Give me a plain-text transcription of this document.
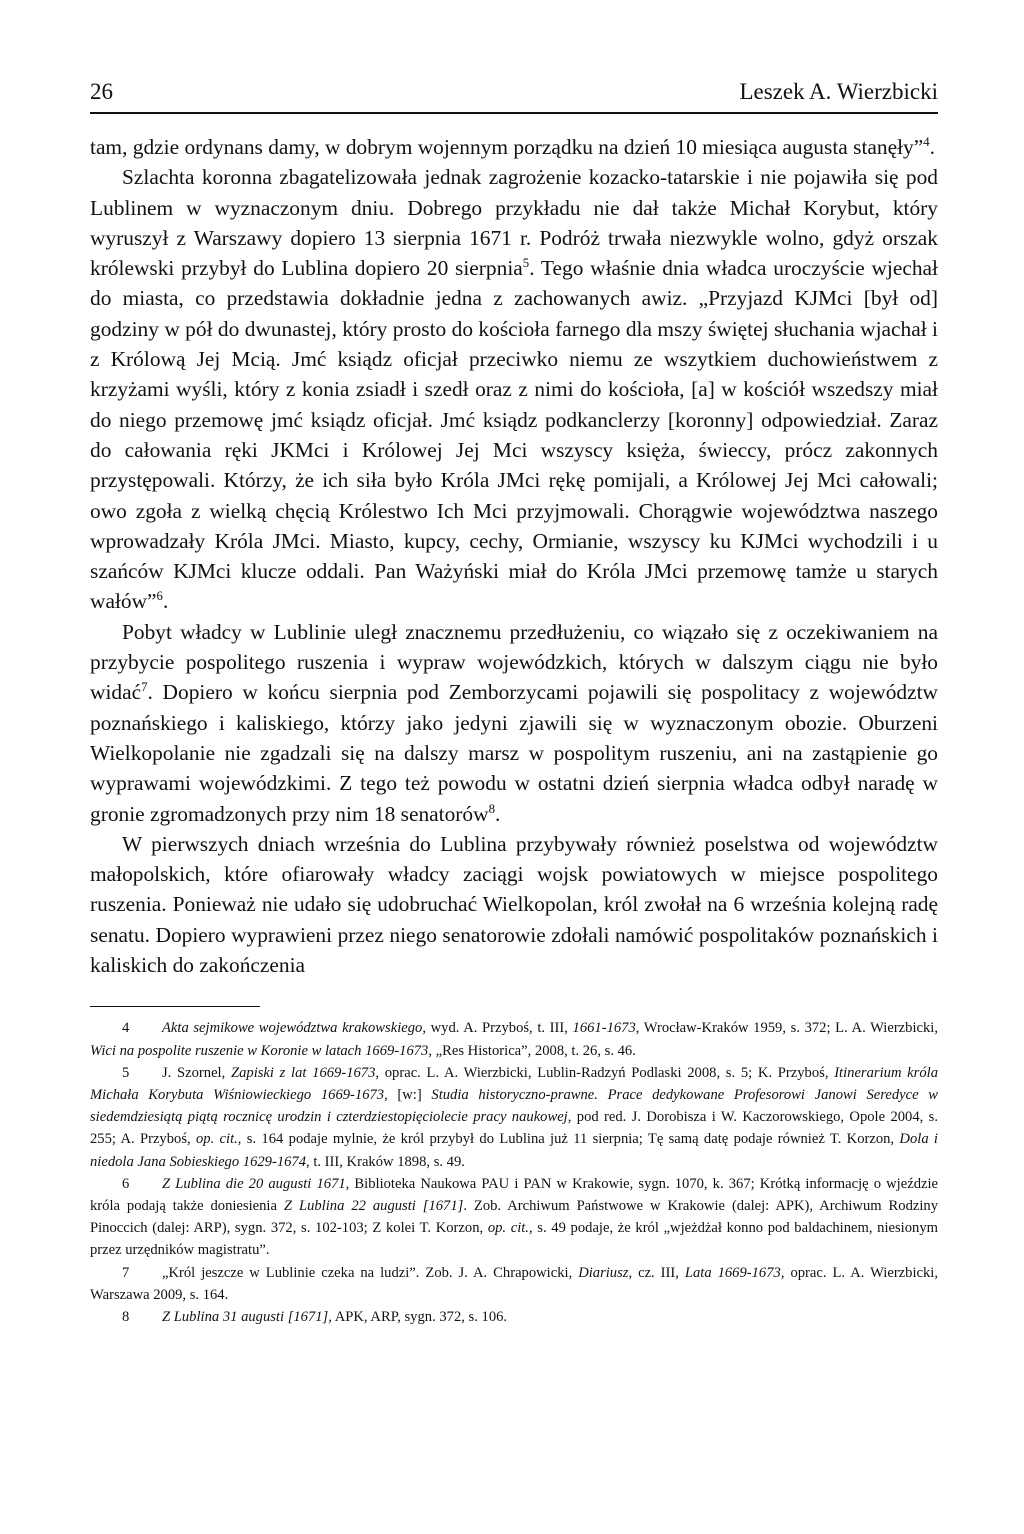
26	Leszek A. Wierzbicki

tam, gdzie ordynans damy, w dobrym wojennym porządku na dzień 10 miesiąca augusta stanęły”$^4$.

Szlachta koronna zbagatelizowała jednak zagrożenie kozacko-tatarskie i nie pojawiła się pod Lublinem w wyznaczonym dniu. Dobrego przykładu nie dał także Michał Korybut, który wyruszył z Warszawy dopiero 13 sierpnia 1671 r. Podróż trwała niezwykle wolno, gdyż orszak królewski przybył do Lublina dopiero 20 sierpnia$^5$. Tego właśnie dnia władca uroczyście wjechał do miasta, co przedstawia dokładnie jedna z zachowanych awiz. „Przyjazd KJMci [był od] godziny w pół do dwunastej, który prosto do kościoła farnego dla mszy świętej słuchania wjachał i z Królową Jej Mcią. Jmć ksiądz oficjał przeciwko niemu ze wszytkiem duchowieństwem z krzyżami wyśli, który z konia zsiadł i szedł oraz z nimi do kościoła, [a] w kościół wszedszy miał do niego przemowę jmć ksiądz oficjał. Jmć ksiądz podkanclerzy [koronny] odpowiedział. Zaraz do całowania ręki JKMci i Królowej Jej Mci wszyscy księża, świeccy, prócz zakonnych przystępowali. Którzy, że ich siła było Króla JMci rękę pomijali, a Królowej Jej Mci całowali; owo zgoła z wielką chęcią Królestwo Ich Mci przyjmowali. Chorągwie województwa naszego wprowadzały Króla JMci. Miasto, kupcy, cechy, Ormianie, wszyscy ku KJMci wychodzili i u szańców KJMci klucze oddali. Pan Ważyński miał do Króla JMci przemowę tamże u starych wałów”$^6$.

Pobyt władcy w Lublinie uległ znacznemu przedłużeniu, co wiązało się z oczekiwaniem na przybycie pospolitego ruszenia i wypraw wojewódzkich, których w dalszym ciągu nie było widać$^7$. Dopiero w końcu sierpnia pod Zemborzycami pojawili się pospolitacy z województw poznańskiego i kaliskiego, którzy jako jedyni zjawili się w wyznaczonym obozie. Oburzeni Wielkopolanie nie zgadzali się na dalszy marsz w pospolitym ruszeniu, ani na zastąpienie go wyprawami wojewódzkimi. Z tego też powodu w ostatni dzień sierpnia władca odbył naradę w gronie zgromadzonych przy nim 18 senatorów$^8$.

W pierwszych dniach września do Lublina przybywały również poselstwa od województw małopolskich, które ofiarowały władcy zaciągi wojsk powiatowych w miejsce pospolitego ruszenia. Ponieważ nie udało się udobruchać Wielkopolan, król zwołał na 6 września kolejną radę senatu. Dopiero wyprawieni przez niego senatorowie zdołali namówić pospolitaków poznańskich i kaliskich do zakończenia

4 Akta sejmikowe województwa krakowskiego, wyd. A. Przyboś, t. III, 1661-1673, Wrocław-Kraków 1959, s. 372; L. A. Wierzbicki, Wici na pospolite ruszenie w Koronie w latach 1669-1673, „Res Historica”, 2008, t. 26, s. 46.

5 J. Szornel, Zapiski z lat 1669-1673, oprac. L. A. Wierzbicki, Lublin-Radzyń Podlaski 2008, s. 5; K. Przyboś, Itinerarium króla Michała Korybuta Wiśniowieckiego 1669-1673, [w:] Studia historyczno-prawne. Prace dedykowane Profesorowi Janowi Seredyce w siedemdziesiątą piątą rocznicę urodzin i czterdziestopięciolecie pracy naukowej, pod red. J. Dorobisza i W. Kaczorowskiego, Opole 2004, s. 255; A. Przyboś, op. cit., s. 164 podaje mylnie, że król przybył do Lublina już 11 sierpnia; Tę samą datę podaje również T. Korzon, Dola i niedola Jana Sobieskiego 1629-1674, t. III, Kraków 1898, s. 49.

6 Z Lublina die 20 augusti 1671, Biblioteka Naukowa PAU i PAN w Krakowie, sygn. 1070, k. 367; Krótką informację o wjeździe króla podają także doniesienia Z Lublina 22 augusti [1671]. Zob. Archiwum Państwowe w Krakowie (dalej: APK), Archiwum Rodziny Pinoccich (dalej: ARP), sygn. 372, s. 102-103; Z kolei T. Korzon, op. cit., s. 49 podaje, że król „wjeżdżał konno pod baldachinem, niesionym przez urzędników magistratu”.

7 „Król jeszcze w Lublinie czeka na ludzi”. Zob. J. A. Chrapowicki, Diariusz, cz. III, Lata 1669-1673, oprac. L. A. Wierzbicki, Warszawa 2009, s. 164.

8 Z Lublina 31 augusti [1671], APK, ARP, sygn. 372, s. 106.
